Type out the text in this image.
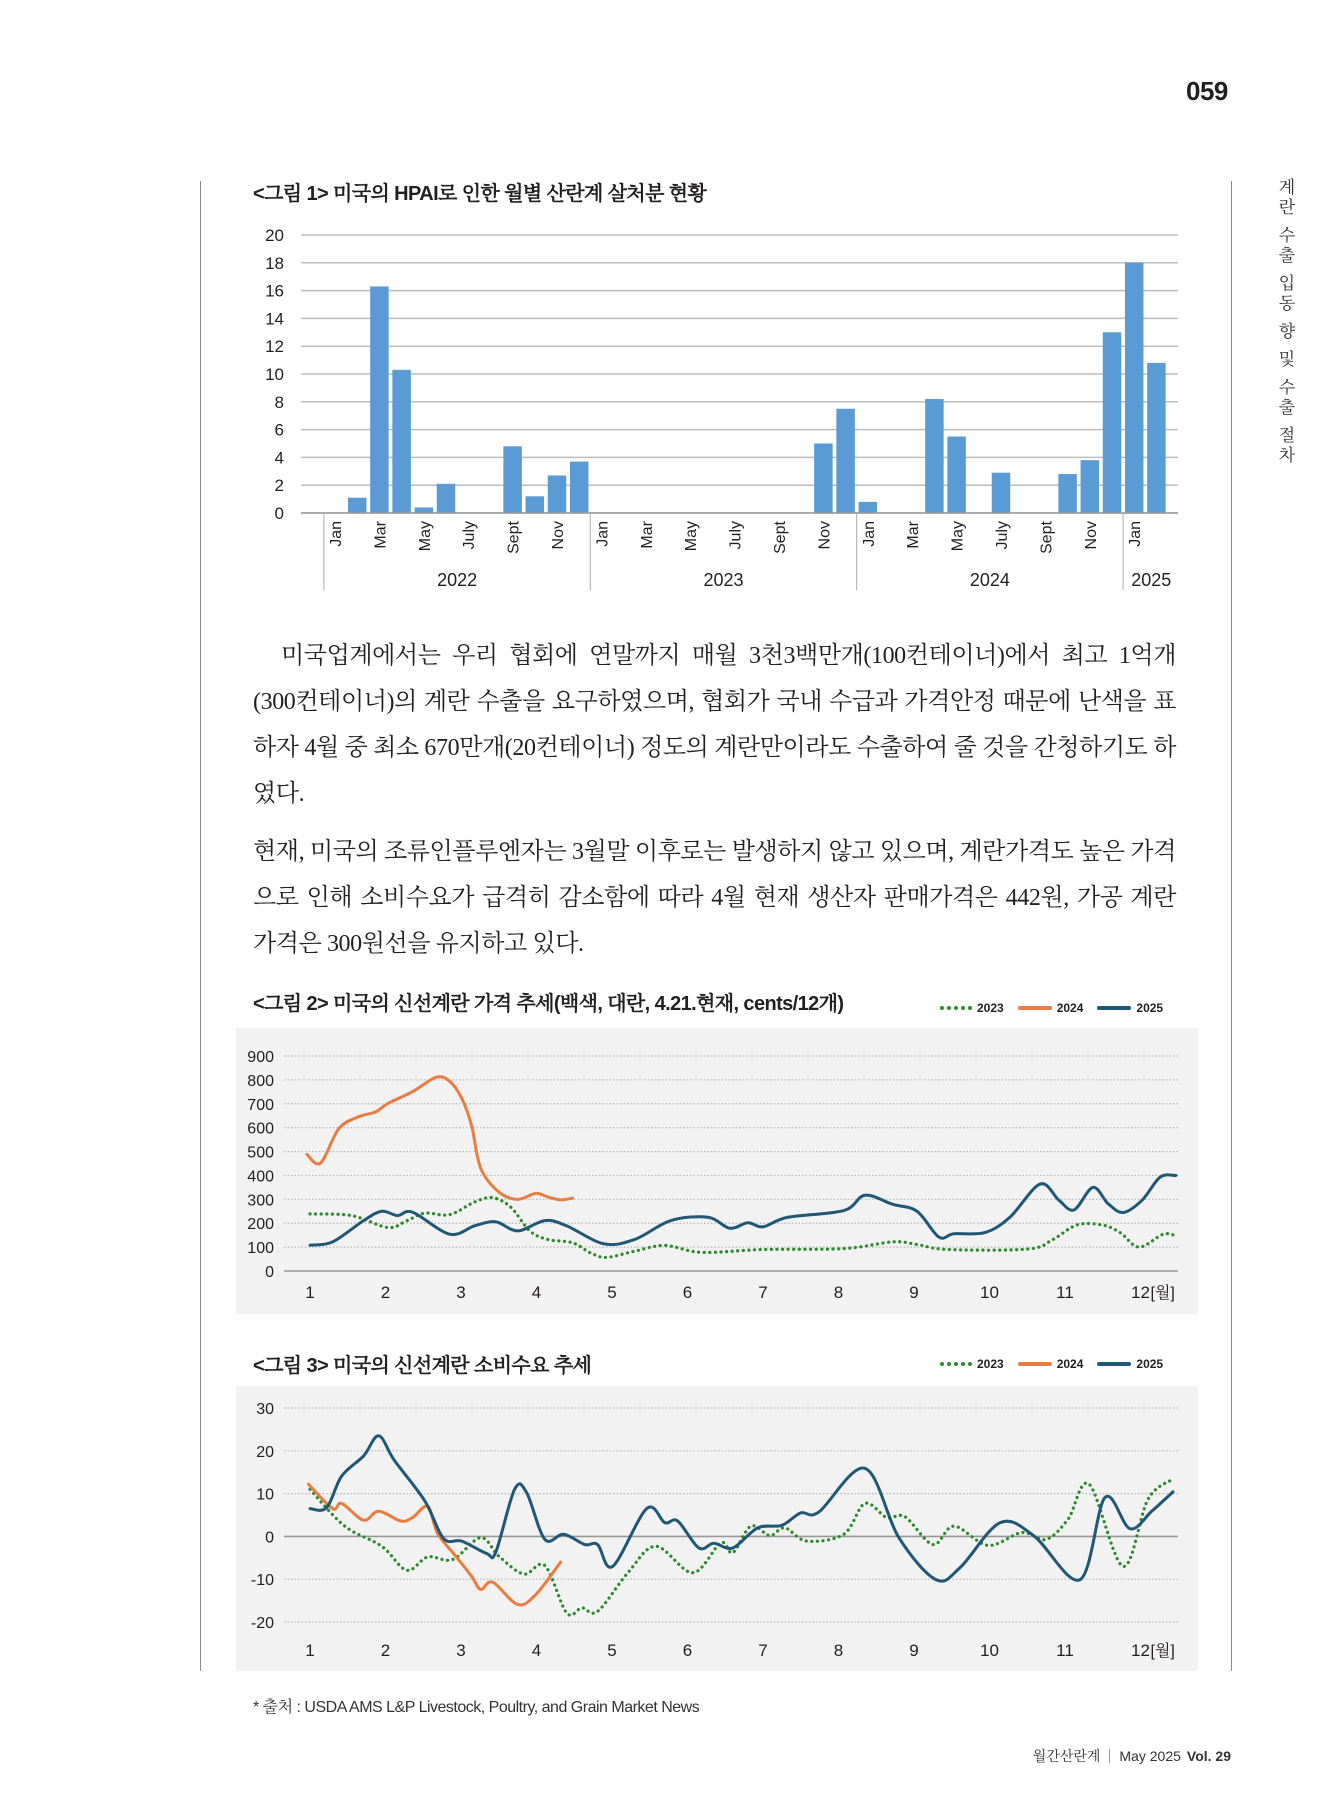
059
계
란
수
출
입
동
향
및
수
출
절
차
<그림 1> 미국의 HPAI로 인한 월별 산란계 살처분 현황
미국업계에서는 우리 협회에 연말까지 매월 3천3백만개(100컨테이너)에서 최고 1억개
(300컨테이너)의 계란 수출을 요구하였으며, 협회가 국내 수급과 가격안정 때문에 난색을 표
하자 4월 중 최소 670만개(20컨테이너) 정도의 계란만이라도 수출하여 줄 것을 간청하기도 하
였다.
현재, 미국의 조류인플루엔자는 3월말 이후로는 발생하지 않고 있으며, 계란가격도 높은 가격
으로 인해 소비수요가 급격히 감소함에 따라 4월 현재 생산자 판매가격은 442원, 가공 계란
가격은 300원선을 유지하고 있다.
<그림 2> 미국의 신선계란 가격 추세(백색, 대란, 4.21.현재, cents/12개)	2023	2024	2025
<그림 3> 미국의 신선계란 소비수요 추세	2023	2024	2025
0
2
4
6
8
10
12
14
16
18
20
Jan Mar May July Sept Nov
2022
Jan Mar May July Sept Nov
2023
Jan Mar May July Sept Nov
2024
Jan
2025
0
100
200
300
400
500
600
700
800
900
1	2	3	4	5	6	7	8	9	10	11	12 [월]
-20
-10
0
10
20
30
1	2	3	4	5	6	7	8	9	10	11	12 [월]
* 출처 : USDA AMS L&P Livestock, Poultry, and Grain Market News
월간산란계 May 2025 Vol. 29
